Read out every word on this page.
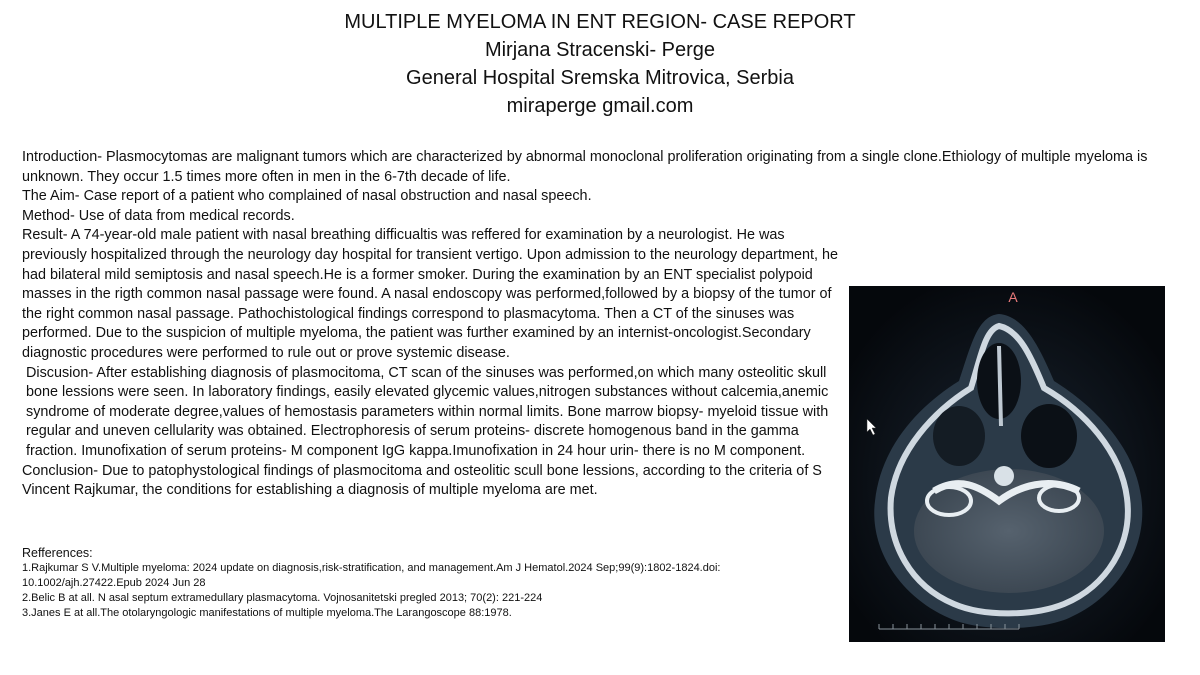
MULTIPLE MYELOMA IN ENT REGION- CASE REPORT
Mirjana Stracenski- Perge
General Hospital Sremska Mitrovica, Serbia
miraperge gmail.com

Introduction- Plasmocytomas are malignant tumors which are characterized by abnormal monoclonal proliferation originating from a single clone.Ethiology of multiple myeloma is unknown. They occur 1.5 times more often in men in the 6-7th decade of life.

The Aim- Case report of a patient who complained of nasal obstruction and nasal speech.

Method- Use of data from medical records.

Result- A 74-year-old male patient with nasal breathing difficualtis was reffered for examination by a neurologist. He was previously hospitalized through the neurology day hospital for transient vertigo. Upon admission to the neurology department, he had bilateral mild semiptosis and nasal speech.He is a former smoker. During the examination by an ENT specialist polypoid masses in the rigth common nasal passage were found. A nasal endoscopy was performed,followed by a biopsy of the tumor of the right common nasal passage. Pathochistological findings correspond to plasmacytoma. Then a CT of the sinuses was performed. Due to the suspicion of multiple myeloma, the patient was further examined by an internist-oncologist.Secondary diagnostic procedures were performed to rule out or prove systemic disease.

Discusion- After establishing diagnosis of plasmocitoma, CT scan of the sinuses was performed,on which many osteolitic skull bone lessions were seen. In laboratory findings, easily elevated glycemic values,nitrogen substances without calcemia,anemic syndrome of moderate degree,values of hemostasis parameters within normal limits. Bone marrow biopsy- myeloid tissue with regular and uneven cellularity was obtained. Electrophoresis of serum proteins- discrete homogenous band in the gamma fraction. Imunofixation of serum proteins- M component IgG kappa.Imunofixation in 24 hour urin- there is no M component.

Conclusion- Due to patophystological findings of plasmocitoma and osteolitic scull bone lessions, according to the criteria of S Vincent Rajkumar, the conditions for establishing a diagnosis of multiple myeloma are met.

Refferences:
1.Rajkumar S V.Multiple myeloma: 2024 update on diagnosis,risk-stratification, and management.Am J Hematol.2024 Sep;99(9):1802-1824.doi: 10.1002/ajh.27422.Epub 2024 Jun 28
2.Belic B at all. N asal septum extramedullary plasmacytoma. Vojnosanitetski pregled 2013; 70(2): 221-224
3.Janes E at all.The otolaryngologic manifestations of multiple myeloma.The Larangoscope 88:1978.
A
